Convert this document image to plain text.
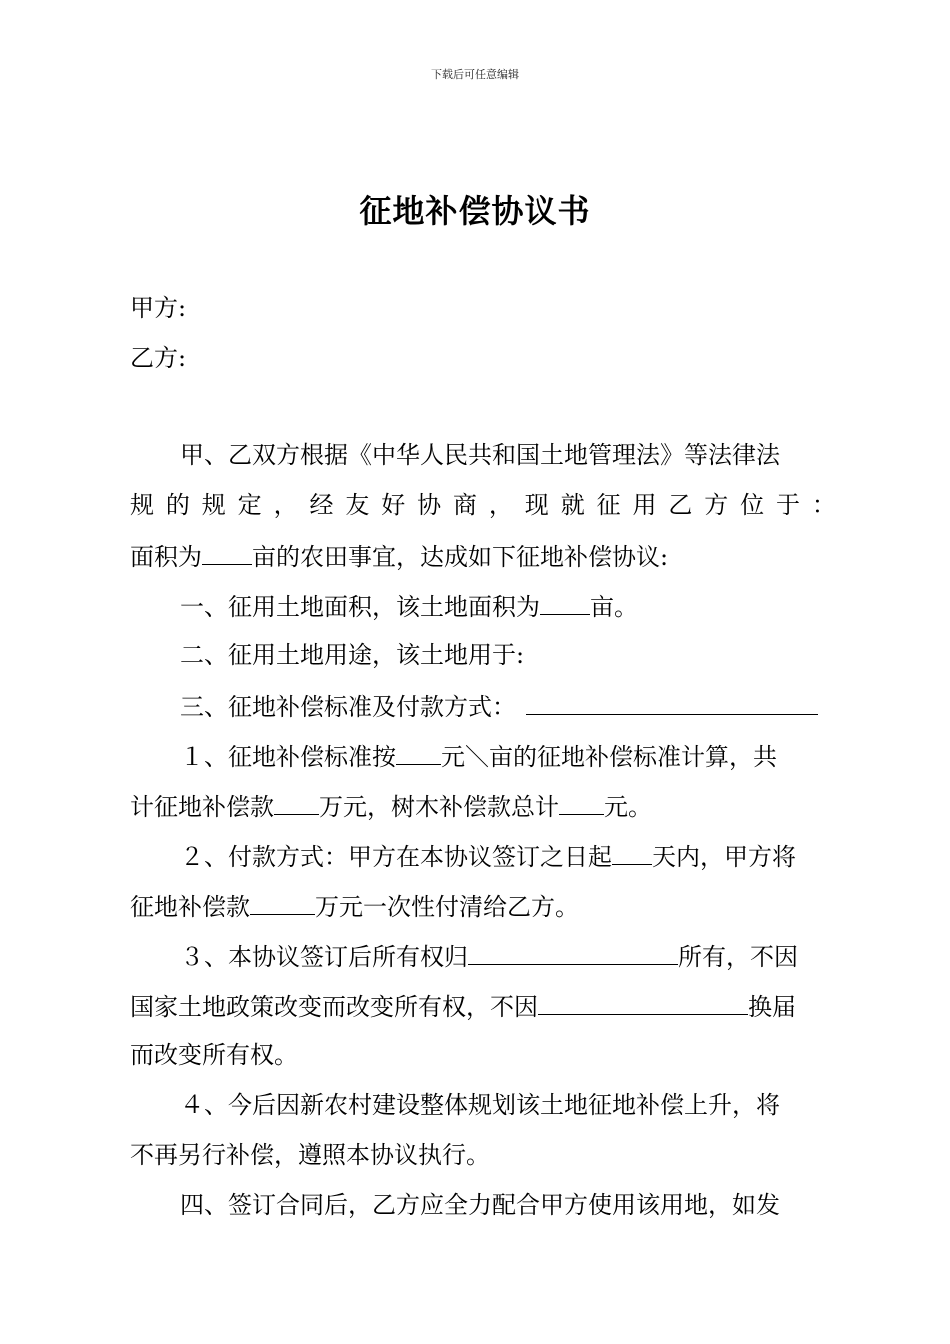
下载后可任意编辑
征地补偿协议书
甲方:
乙方:
甲、乙双方根据《中华人民共和国土地管理法》等法律法
规 的 规 定 ， 经 友 好 协 商 ， 现 就 征 用 乙 方 位 于 ：
面积为 亩的农田事宜，达成如下征地补偿协议:
一、征用土地面积，该土地面积为 亩。
二、征用土地用途，该土地用于:
三、征地补偿标准及付款方式：
１、征地补偿标准按 元＼亩的征地补偿标准计算，共
计征地补偿款 万元，树木补偿款总计 元。
２、付款方式：甲方在本协议签订之日起 天内，甲方将
征地补偿款	万元一次性付清给乙方。
３、本协议签订后所有权归	所有，不因
国家土地政策改变而改变所有权，不因	换届
而改变所有权。
４、今后因新农村建设整体规划该土地征地补偿上升，将
不再另行补偿，遵照本协议执行。
四、签订合同后，乙方应全力配合甲方使用该用地，如发
